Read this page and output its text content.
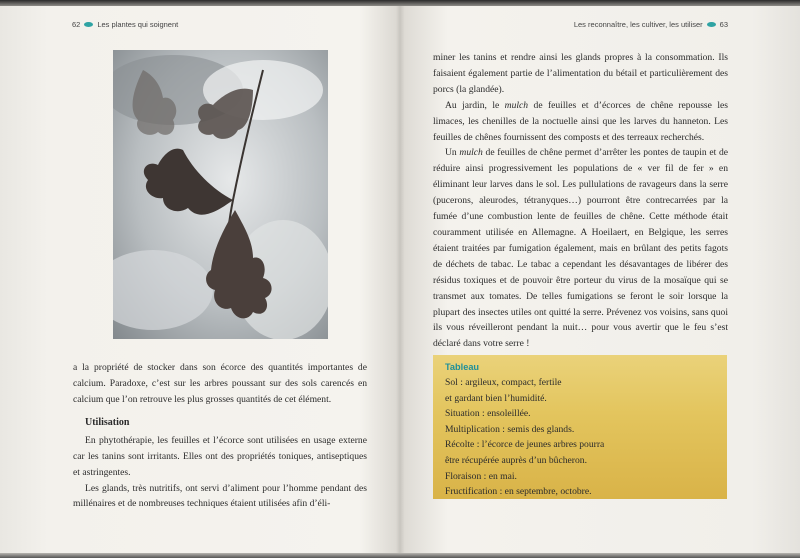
62 Les plantes qui soignent	Les reconnaître, les cultiver, les utiliser 63

a la propriété de stocker dans son écorce des quantités importantes de calcium. Paradoxe, c’est sur les arbres poussant sur des sols carencés en calcium que l’on retrouve les plus grosses quantités de cet élément.

Utilisation

En phytothérapie, les feuilles et l’écorce sont utilisées en usage externe car les tanins sont irritants. Elles ont des propriétés toniques, antiseptiques et astringentes.

Les glands, très nutritifs, ont servi d’aliment pour l’homme pendant des millénaires et de nombreuses techniques étaient utilisées afin d’éli-

miner les tanins et rendre ainsi les glands propres à la consommation. Ils faisaient également partie de l’alimentation du bétail et particulièrement des porcs (la glandée).

Au jardin, le mulch de feuilles et d’écorces de chêne repousse les limaces, les chenilles de la noctuelle ainsi que les larves du hanneton. Les feuilles de chênes fournissent des composts et des terreaux recherchés.

Un mulch de feuilles de chêne permet d’arrêter les pontes de taupin et de réduire ainsi progressivement les populations de « ver fil de fer » en éliminant leur larves dans le sol. Les pullulations de ravageurs dans la serre (pucerons, aleurodes, tétranyques…) pourront être contrecarrées par la fumée d’une combustion lente de feuilles de chêne. Cette méthode était couramment utilisée en Allemagne. A Hoeilaert, en Belgique, les serres étaient traitées par fumigation également, mais en brûlant des petits fagots de déchets de tabac. Le tabac a cependant les désavantages de libérer des résidus toxiques et de pouvoir être porteur du virus de la mosaïque qui se transmet aux tomates. De telles fumigations se feront le soir lorsque la plupart des insectes utiles ont quitté la serre. Prévenez vos voisins, sans quoi ils vous réveilleront pendant la nuit… pour vous avertir que le feu s’est déclaré dans votre serre !

Tableau
Sol : argileux, compact, fertile
et gardant bien l’humidité.
Situation : ensoleillée.
Multiplication : semis des glands.
Récolte : l’écorce de jeunes arbres pourra
être récupérée auprès d’un bûcheron.
Floraison : en mai.
Fructification : en septembre, octobre.
